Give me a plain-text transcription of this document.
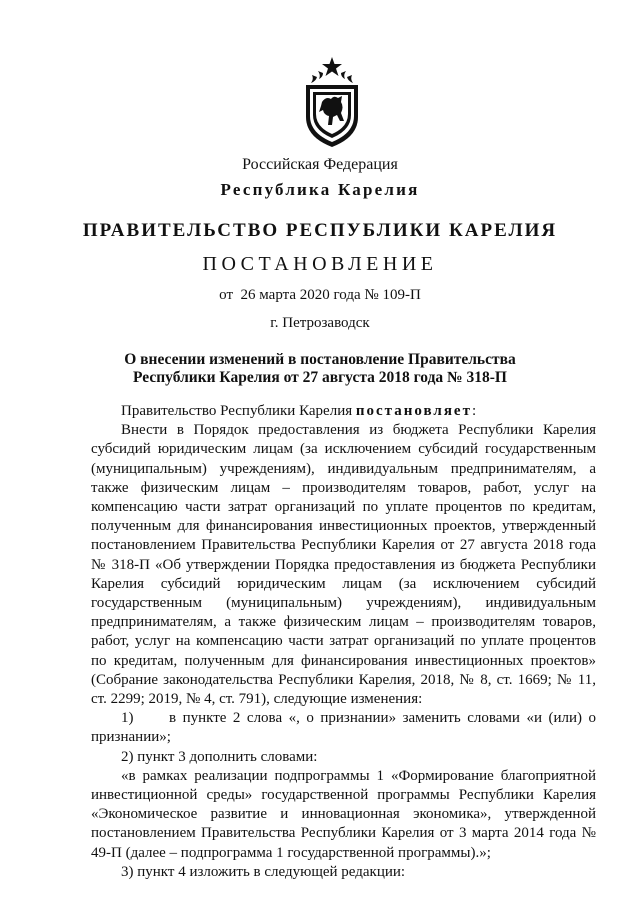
Российская Федерация
Республика Карелия
ПРАВИТЕЛЬСТВО РЕСПУБЛИКИ КАРЕЛИЯ
ПОСТАНОВЛЕНИЕ
от  26 марта 2020 года № 109-П
г. Петрозаводск
О внесении изменений в постановление Правительства
Республики Карелия от 27 августа 2018 года № 318-П

Правительство Республики Карелия постановляет:

Внести в Порядок предоставления из бюджета Республики Карелия субсидий юридическим лицам (за исключением субсидий государственным (муниципальным) учреждениям), индивидуальным предпринимателям, а также физическим лицам – производителям товаров, работ, услуг на компенсацию части затрат организаций по уплате процентов по кредитам, полученным для финансирования инвестиционных проектов, утвержденный постановлением Правительства Республики Карелия от 27 августа 2018 года № 318-П «Об утверждении Порядка предоставления из бюджета Республики Карелия субсидий юридическим лицам (за исключением субсидий государственным (муниципальным) учреждениям), индивидуальным предпринимателям, а также физическим лицам – производителям товаров, работ, услуг на компенсацию части затрат организаций по уплате процентов по кредитам, полученным для финансирования инвестиционных проектов» (Собрание законодательства Республики Карелия, 2018, № 8, ст. 1669; № 11, ст. 2299; 2019, № 4, ст. 791), следующие изменения:

1) в пункте 2 слова «, о признании» заменить словами «и (или) о признании»;

2) пункт 3 дополнить словами:

«в рамках реализации подпрограммы 1 «Формирование благоприятной инвестиционной среды» государственной программы Республики Карелия «Экономическое развитие и инновационная экономика», утвержденной постановлением Правительства Республики Карелия от 3 марта 2014 года № 49-П (далее – подпрограмма 1 государственной программы).»;

3) пункт 4 изложить в следующей редакции:
